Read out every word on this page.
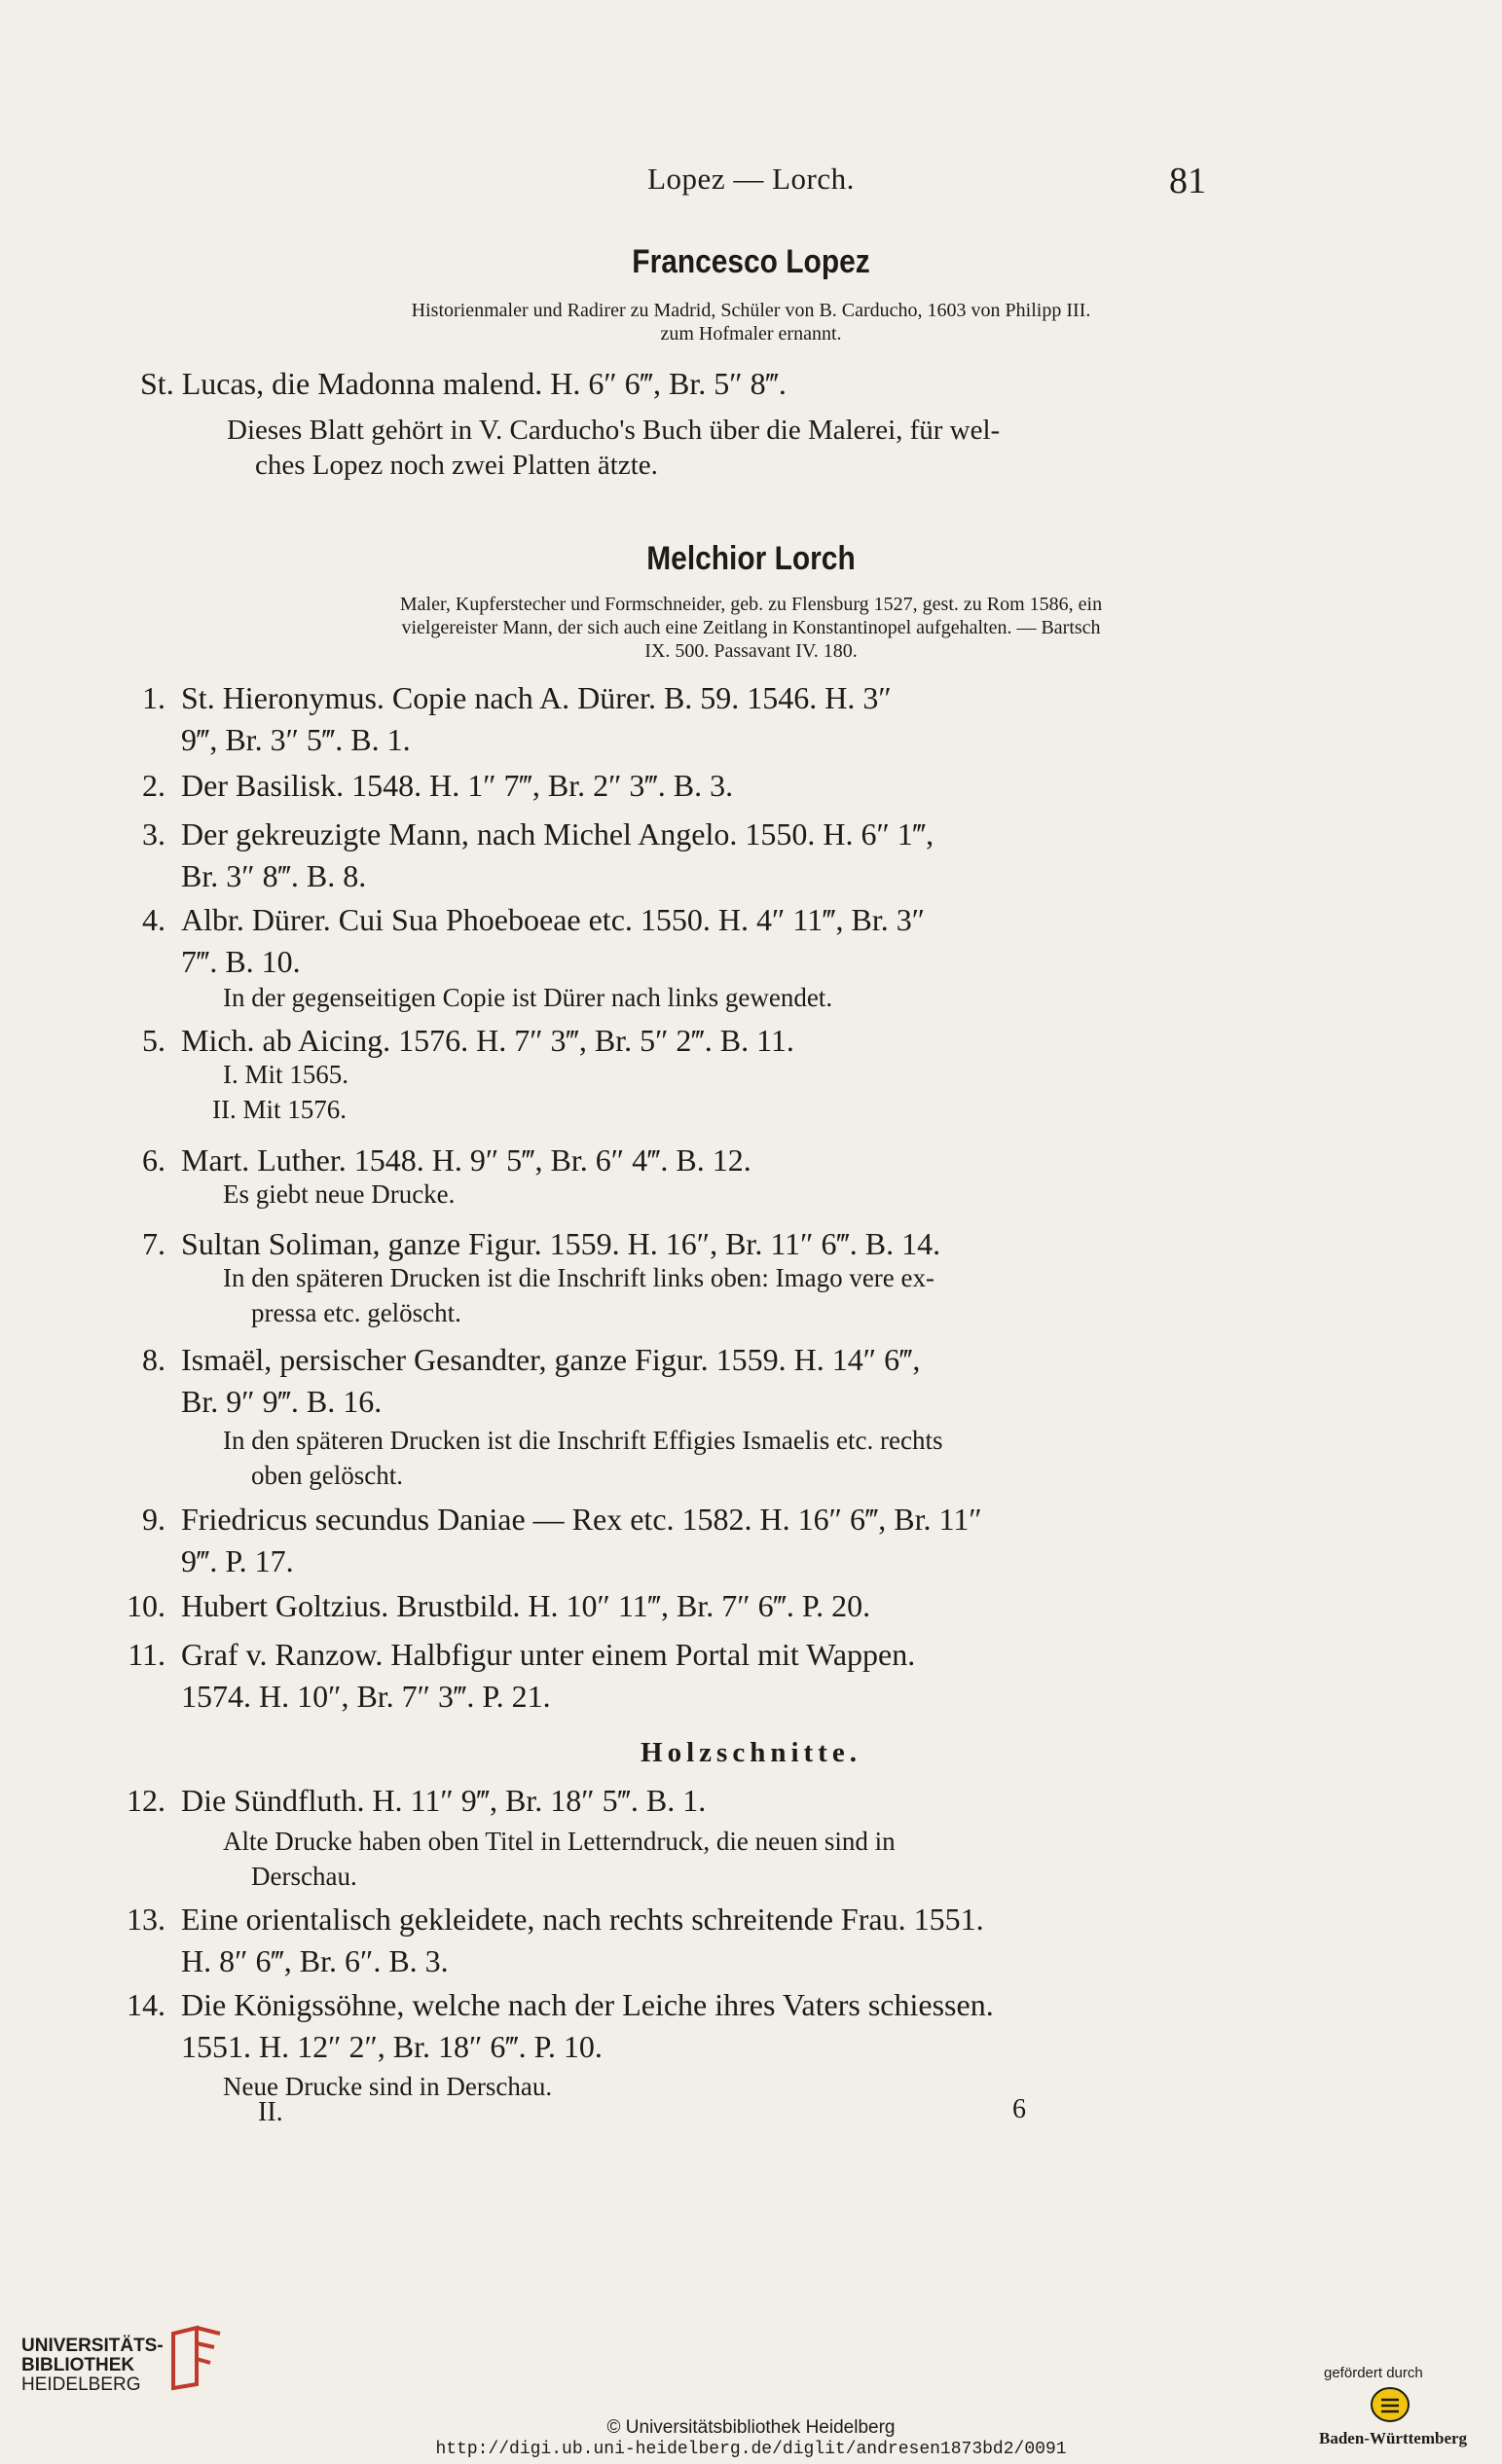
Lopez — Lorch.	81
Francesco Lopez
Historienmaler und Radirer zu Madrid, Schüler von B. Carducho, 1603 von Philipp III.
zum Hofmaler ernannt.
St. Lucas, die Madonna malend. H. 6″ 6‴, Br. 5″ 8‴.
Dieses Blatt gehört in V. Carducho's Buch über die Malerei, für wel-
ches Lopez noch zwei Platten ätzte.
Melchior Lorch
Maler, Kupferstecher und Formschneider, geb. zu Flensburg 1527, gest. zu Rom 1586, ein
vielgereister Mann, der sich auch eine Zeitlang in Konstantinopel aufgehalten. — Bartsch
IX. 500. Passavant IV. 180.
1. St. Hieronymus. Copie nach A. Dürer. B. 59. 1546. H. 3″
9‴, Br. 3″ 5‴. B. 1.
2. Der Basilisk. 1548. H. 1″ 7‴, Br. 2″ 3‴. B. 3.
3. Der gekreuzigte Mann, nach Michel Angelo. 1550. H. 6″ 1‴,
Br. 3″ 8‴. B. 8.
4. Albr. Dürer. Cui Sua Phoeboeae etc. 1550. H. 4″ 11‴, Br. 3″
7‴. B. 10.
In der gegenseitigen Copie ist Dürer nach links gewendet.
5. Mich. ab Aicing. 1576. H. 7″ 3‴, Br. 5″ 2‴. B. 11.
I. Mit 1565.
II. Mit 1576.
6. Mart. Luther. 1548. H. 9″ 5‴, Br. 6″ 4‴. B. 12.
Es giebt neue Drucke.
7. Sultan Soliman, ganze Figur. 1559. H. 16″, Br. 11″ 6‴. B. 14.
In den späteren Drucken ist die Inschrift links oben: Imago vere ex-
pressa etc. gelöscht.
8. Ismaël, persischer Gesandter, ganze Figur. 1559. H. 14″ 6‴,
Br. 9″ 9‴. B. 16.
In den späteren Drucken ist die Inschrift Effigies Ismaelis etc. rechts
oben gelöscht.
9. Friedricus secundus Daniae — Rex etc. 1582. H. 16″ 6‴, Br. 11″
9‴. P. 17.
10. Hubert Goltzius. Brustbild. H. 10″ 11‴, Br. 7″ 6‴. P. 20.
11. Graf v. Ranzow. Halbfigur unter einem Portal mit Wappen.
1574. H. 10″, Br. 7″ 3‴. P. 21.
Holzschnitte.
12. Die Sündfluth. H. 11″ 9‴, Br. 18″ 5‴. B. 1.
Alte Drucke haben oben Titel in Letterndruck, die neuen sind in
Derschau.
13. Eine orientalisch gekleidete, nach rechts schreitende Frau. 1551.
H. 8″ 6‴, Br. 6″. B. 3.
14. Die Königssöhne, welche nach der Leiche ihres Vaters schiessen.
1551. H. 12″ 2″, Br. 18″ 6‴. P. 10.
Neue Drucke sind in Derschau.
II.	6
UNIVERSITÄTS-
BIBLIOTHEK
HEIDELBERG
© Universitätsbibliothek Heidelberg
http://digi.ub.uni-heidelberg.de/diglit/andresen1873bd2/0091
gefördert durch
Baden-Württemberg
